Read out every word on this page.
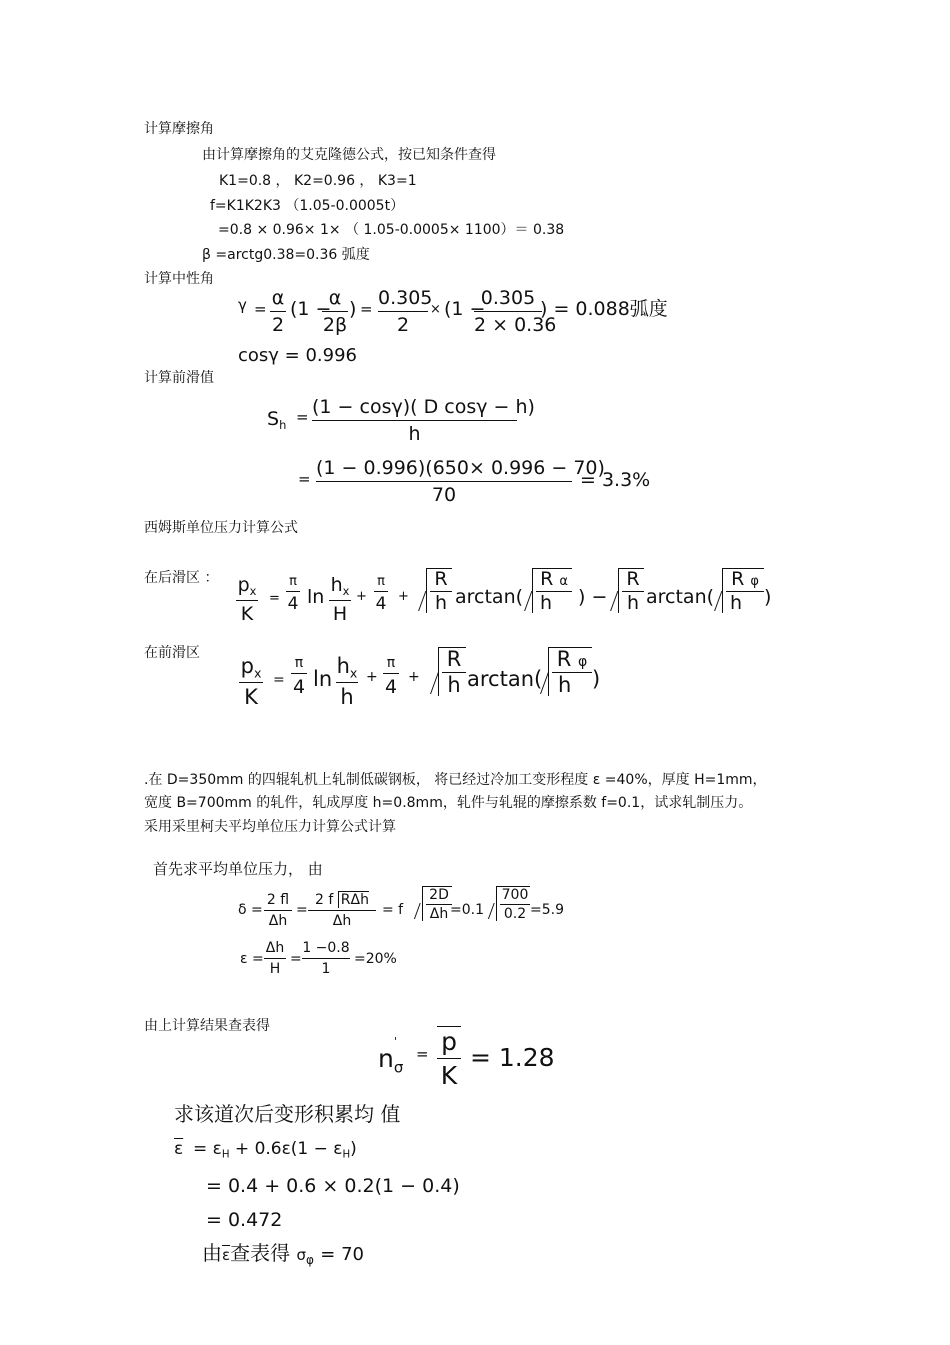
计算摩擦角
由计算摩擦角的艾克隆德公式，按已知条件查得
K1=0.8 ， K2=0.96 ， K3=1
f=K1K2K3 （1.05-0.0005t）
=0.8 × 0.96× 1× （ 1.05-0.0005× 1100）＝ 0.38
β =arctg0.38=0.36 弧度
计算中性角
γ = α
2
(1 −
α
2β
) = 0.305
2
× (1 −
0.305
2 × 0.36
) = 0.088弧度
cosγ = 0.996
计算前滑值
$S_h = (1 - \cos\gamma)$( D cosγ − h)
h
= (1 − 0.996)(650× 0.996 − 70)
70
= 3.3%
西姆斯单位压力计算公式
在后滑区 ： $p_x$
K
=
π
4 ln
$h_x$
H
+
π
$4 + \frac{R}{h} \arctan( \frac{\text{R α}}{h}$ ) − $\frac{R}{h} \arctan( \frac{\text{R φ}}{h}$ )
在前滑区
$p_x$
K
=
π
4 ln
$h_x$
h
+
π
$4 + \frac{R}{h} \arctan( \frac{\text{R φ}}{h}$ )
.在 D=350mm 的四辊轧机上轧制低碳钢板， 将已经过冷加工变形程度 ε =40%，厚度 H=1mm，
宽度 B=700mm 的轧件，轧成厚度 h=0.8mm，轧件与轧辊的摩擦系数 f=0.1，试求轧制压力。
采用采里柯夫平均单位压力计算公式计算
首先求平均单位压力， 由
δ =
2 fl
Δh
=
2 f RΔh
Δh
= f $\frac{2D}{\Delta h}$
$=0.1 \frac{700}{0.2} =5.9$
ε =
Δh
H
=
1 −0.8
1
=20%
由上计算结果查表得
$n_\sigma$
'
= p
K
= 1.28
求该道次后变形积累均 值
$\overline{\varepsilon} = \varepsilon_H + 0.6\varepsilon(1 - \varepsilon_H)$
= 0.4 + 0.6 × 0.2(1 − 0.4)
= 0.472
由$\overline{\varepsilon}$查表得 $\sigma_\varphi = 70$
